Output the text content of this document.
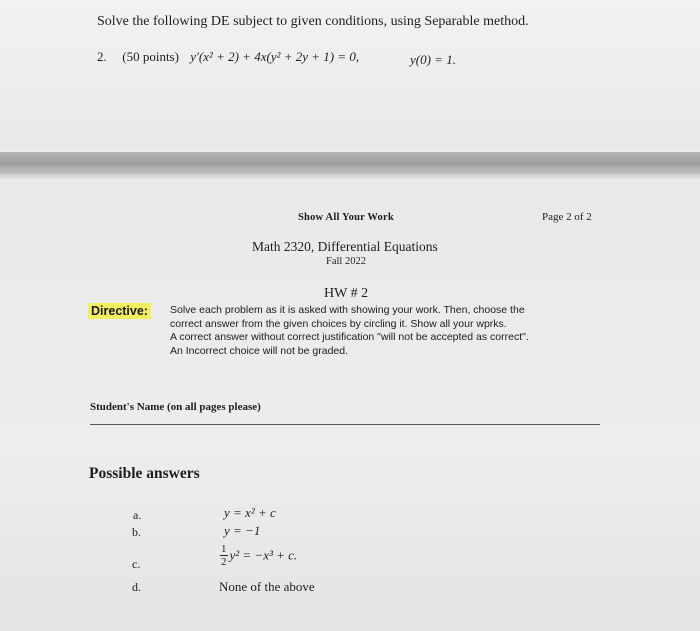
Solve the following DE subject to given conditions, using Separable method.
2. (50 points) y′(x² + 2) + 4x(y² + 2y + 1) = 0,	y(0) = 1.
Show All Your Work	Page 2 of 2
Math 2320, Differential Equations
Fall 2022
HW # 2
Directive: Solve each problem as it is asked with showing your work. Then, choose the
correct answer from the given choices by circling it. Show all your wprks.
A correct answer without correct justification "will not be accepted as correct".
An Incorrect choice will not be graded.
Student's Name (on all pages please)
Possible answers
a.	y = x² + c
b.	y = −1
c.	$\frac{1}{2} y^2 = -x^3 + c$.
d.	None of the above
